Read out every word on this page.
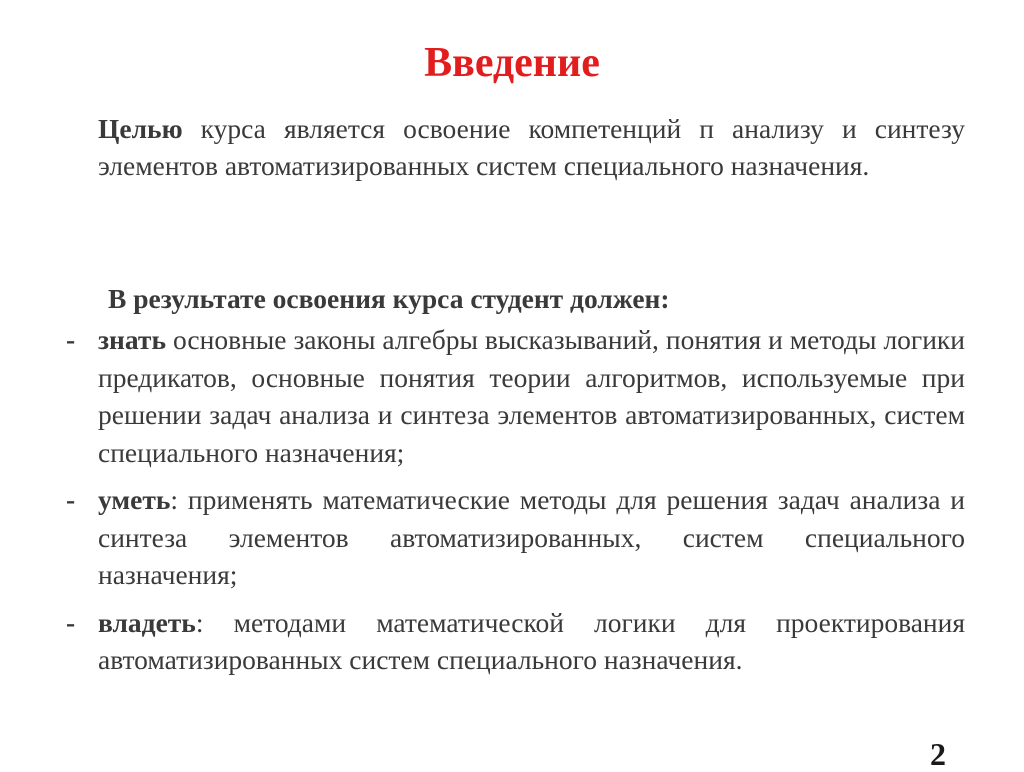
Введение

Целью курса является освоение компетенций п анализу и синтезу элементов автоматизированных систем специального назначения.

В результате освоения курса студент должен:

- знать основные законы алгебры высказываний, понятия и методы логики предикатов, основные понятия теории алгоритмов, используемые при решении задач анализа и синтеза элементов автоматизированных, систем специального назначения;
- уметь: применять математические методы для решения задач анализа и синтеза элементов автоматизированных, систем специального назначения;
- владеть: методами математической логики для проектирования автоматизированных систем специального назначения.
2
